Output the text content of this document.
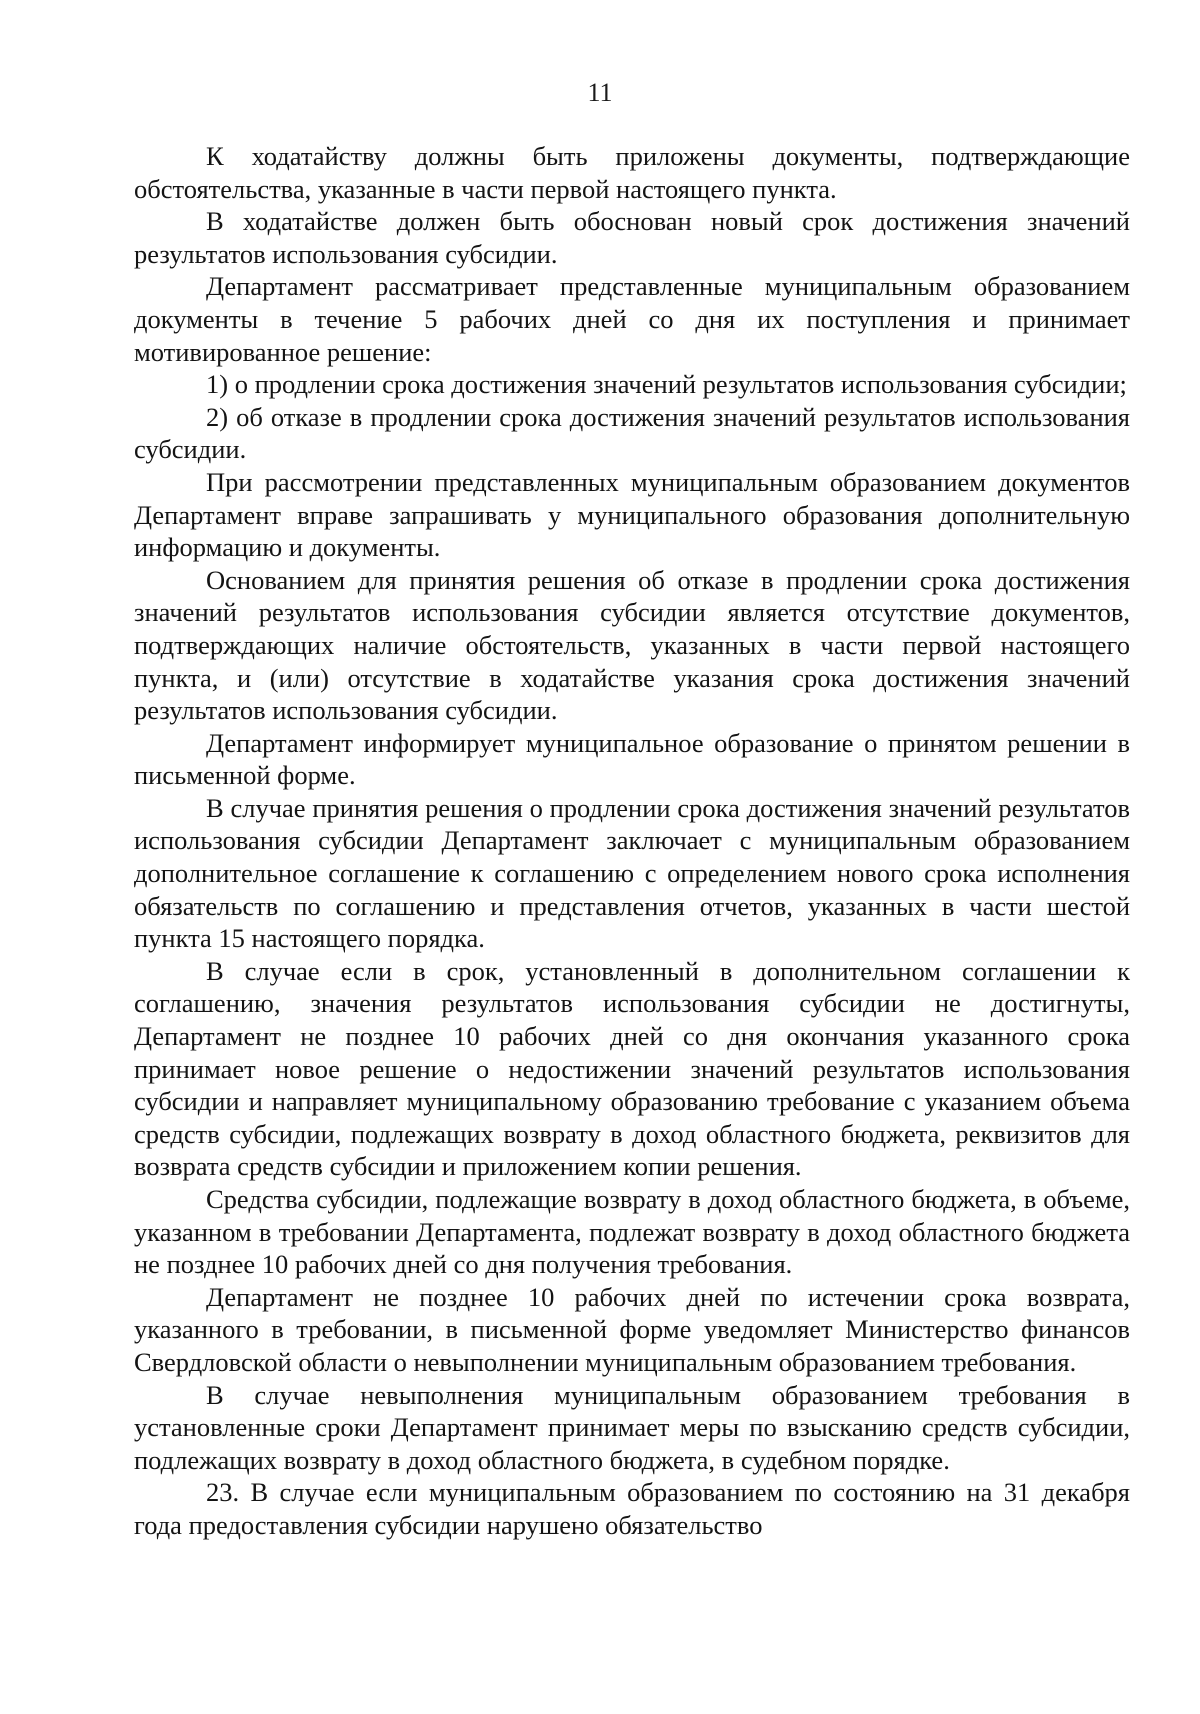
11

К ходатайству должны быть приложены документы, подтверждающие обстоятельства, указанные в части первой настоящего пункта.

В ходатайстве должен быть обоснован новый срок достижения значений результатов использования субсидии.

Департамент рассматривает представленные муниципальным образованием документы в течение 5 рабочих дней со дня их поступления и принимает мотивированное решение:

1) о продлении срока достижения значений результатов использования субсидии;

2) об отказе в продлении срока достижения значений результатов использования субсидии.

При рассмотрении представленных муниципальным образованием документов Департамент вправе запрашивать у муниципального образования дополнительную информацию и документы.

Основанием для принятия решения об отказе в продлении срока достижения значений результатов использования субсидии является отсутствие документов, подтверждающих наличие обстоятельств, указанных в части первой настоящего пункта, и (или) отсутствие в ходатайстве указания срока достижения значений результатов использования субсидии.

Департамент информирует муниципальное образование о принятом решении в письменной форме.

В случае принятия решения о продлении срока достижения значений результатов использования субсидии Департамент заключает с муниципальным образованием дополнительное соглашение к соглашению с определением нового срока исполнения обязательств по соглашению и представления отчетов, указанных в части шестой пункта 15 настоящего порядка.

В случае если в срок, установленный в дополнительном соглашении к соглашению, значения результатов использования субсидии не достигнуты, Департамент не позднее 10 рабочих дней со дня окончания указанного срока принимает новое решение о недостижении значений результатов использования субсидии и направляет муниципальному образованию требование с указанием объема средств субсидии, подлежащих возврату в доход областного бюджета, реквизитов для возврата средств субсидии и приложением копии решения.

Средства субсидии, подлежащие возврату в доход областного бюджета, в объеме, указанном в требовании Департамента, подлежат возврату в доход областного бюджета не позднее 10 рабочих дней со дня получения требования.

Департамент не позднее 10 рабочих дней по истечении срока возврата, указанного в требовании, в письменной форме уведомляет Министерство финансов Свердловской области о невыполнении муниципальным образованием требования.

В случае невыполнения муниципальным образованием требования в установленные сроки Департамент принимает меры по взысканию средств субсидии, подлежащих возврату в доход областного бюджета, в судебном порядке.

23. В случае если муниципальным образованием по состоянию на 31 декабря года предоставления субсидии нарушено обязательство
